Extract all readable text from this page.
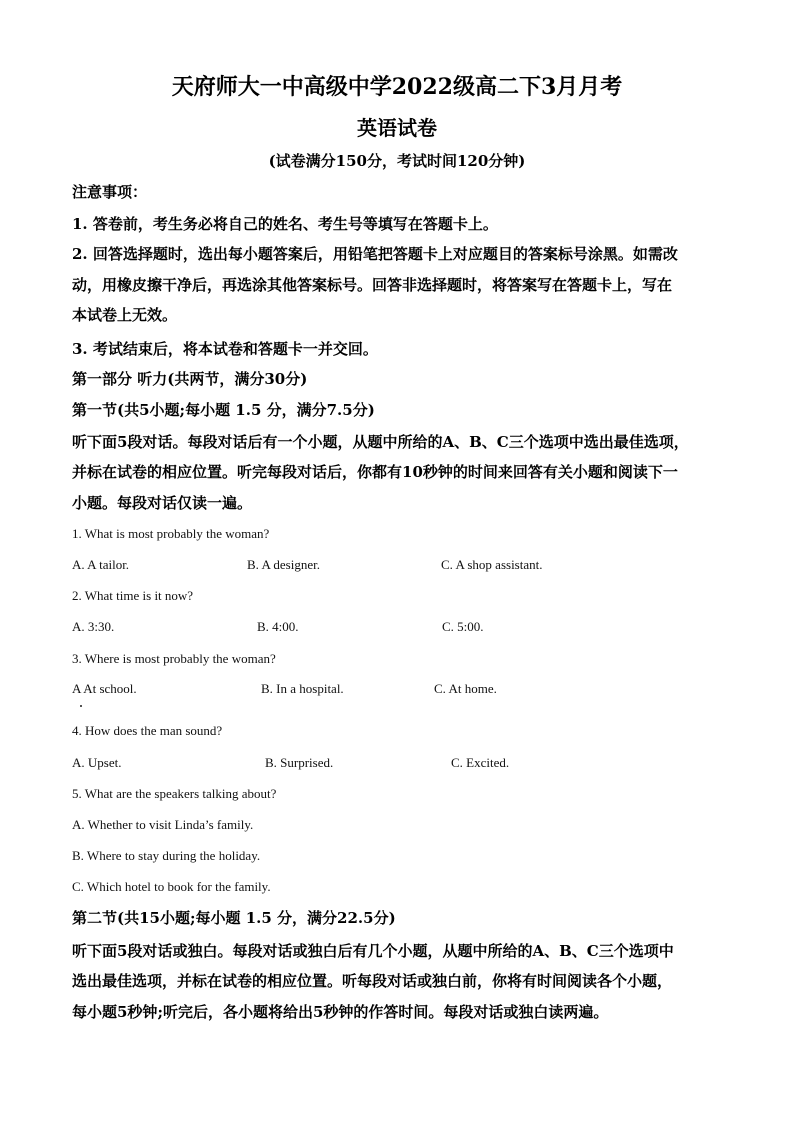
天府师大一中高级中学2022级高二下3月月考
英语试卷
(试卷满分150分，考试时间120分钟)
注意事项：
1. 答卷前，考生务必将自己的姓名、考生号等填写在答题卡上。
2. 回答选择题时，选出每小题答案后，用铅笔把答题卡上对应题目的答案标号涂黑。如需改
动，用橡皮擦干净后，再选涂其他答案标号。回答非选择题时，将答案写在答题卡上，写在
本试卷上无效。
3. 考试结束后，将本试卷和答题卡一并交回。
第一部分 听力(共两节，满分30分)
第一节(共5小题;每小题 1.5 分，满分7.5分)
听下面5段对话。每段对话后有一个小题，从题中所给的A、B、C三个选项中选出最佳选项，
并标在试卷的相应位置。听完每段对话后，你都有10秒钟的时间来回答有关小题和阅读下一
小题。每段对话仅读一遍。
1. What is most probably the woman?
A. A tailor.	B. A designer.	C. A shop assistant.
2. What time is it now?
A. 3:30.	B. 4:00.	C. 5:00.
3. Where is most probably the woman?
A At school.	B. In a hospital.	C. At home.
4. How does the man sound?
A. Upset.	B. Surprised.	C. Excited.
5. What are the speakers talking about?
A. Whether to visit Linda’s family.
B. Where to stay during the holiday.
C. Which hotel to book for the family.
第二节(共15小题;每小题 1.5 分，满分22.5分)
听下面5段对话或独白。每段对话或独白后有几个小题，从题中所给的A、B、C三个选项中
选出最佳选项，并标在试卷的相应位置。听每段对话或独白前，你将有时间阅读各个小题，
每小题5秒钟;听完后，各小题将给出5秒钟的作答时间。每段对话或独白读两遍。
